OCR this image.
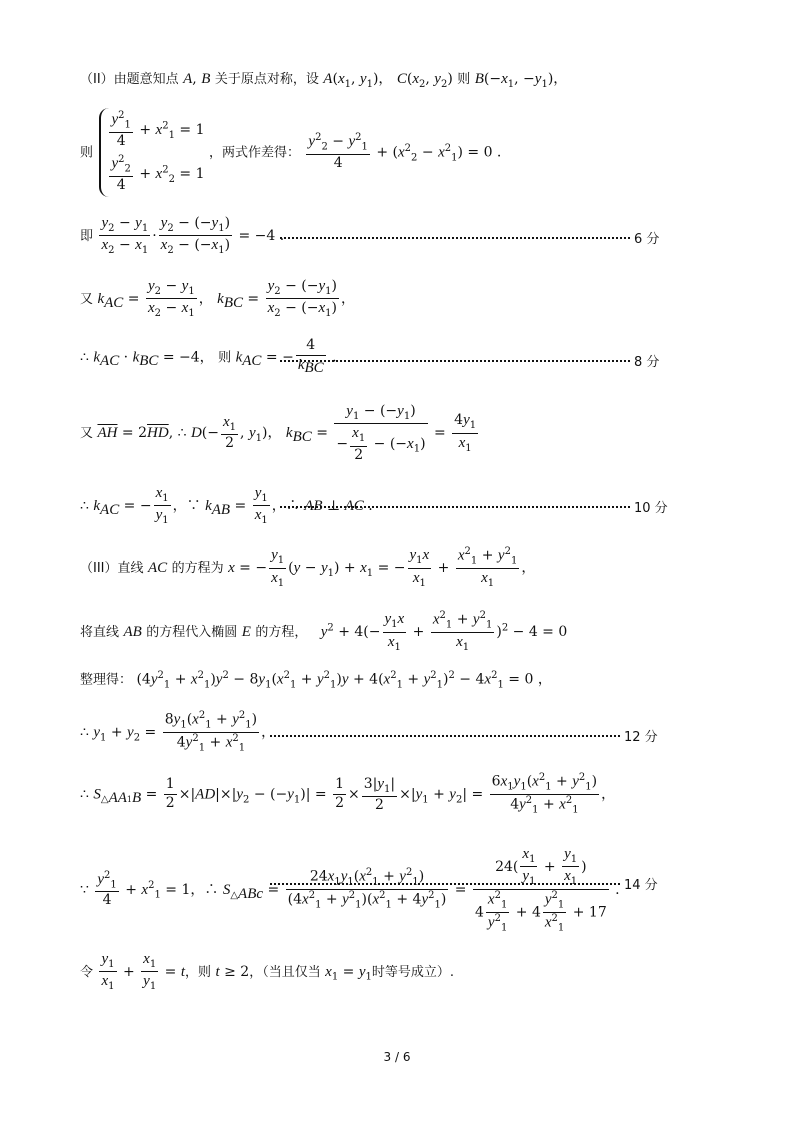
（II）由题意知点 A, B 关于原点对称，设 $A(x_1$, $y_1$)， $C(x_2$, $y_2$) 则 $B(-x_1$, $-y_1$)，
则
$\frac{y^2_1}{4} + x^2_1 = 1$
$\frac{y^2_2}{4} + x^2_2 = 1$
，两式作差得： $\frac{y^2_2 - y^2_1}{4} + (x^2_2 - x^2_1) = 0$ .
即 $\frac{y_2 - y_1}{x_2 - x_1} \cdot \frac{y_2 - (-y_1)}{x_2 - (-x_1)} = -4$ .	6 分
又 $k_{AC} = \frac{y_2 - y_1}{x_2 - x_1}$ ， $k_{BC} = \frac{y_2 - (-y_1)}{x_2 - (-x_1)}$ ，
∴ $k_{AC} \cdot k_{BC} = -4$， 则 $k_{AC}$ = − $\frac{4}{k_{BC}}$ .	8 分
又 $\overline{AH} = 2\overline{HD}$, ∴ $D(- \frac{x_1}{2}$ , $y_1$)， $k_{BC} = \frac{y_1 - (-y_1)}{- \frac{x_1}{2} - (-x_1)} = \frac{4y_1}{x_1}$
∴ $k_{AC}$ = − $\frac{x_1}{y_1}$ ，∵ $k_{AB} = \frac{y_1}{x_1}$ ，∴ AB ⊥ AC .	10 分
（III）直线 AC 的方程为 x = − $\frac{y_1}{x_1} (y - y_1) + x_1$ = − $\frac{y_1x}{x_1} + \frac{x^2_1 + y^2_1}{x_1}$ ，
将直线 AB 的方程代入椭圆 E 的方程， $y^2 + 4(- \frac{y_1x}{x_1} + \frac{x^2_1 + y^2_1}{x_1} )^2 - 4 = 0$
整理得： $(4y^2_1 + x^2_1)y^2 - 8y_1(x^2_1 + y^2_1)y + 4(x^2_1 + y^2_1)^2 - 4x^2_1 = 0$ ，
∴ $y_1 + y_2 = \frac{8y_1(x^2_1 + y^2_1)}{4y^2_1 + x^2_1}$ ，	12 分
∴ $S_{\triangle AA1B} = \frac{1}{2} \times|AD|\times|y_2 - (-y_1)| = \frac{1}{2} \times \frac{3|y_1|}{2} \times|y_1 + y_2| = \frac{6x_1y_1(x^2_1 + y^2_1)}{4y^2_1 + x^2_1}$ ，
∵ $\frac{y^2_1}{4} + x^2_1 = 1$，∴ $S_{\triangle ABc} = \frac{24x_1y_1(x^2_1 + y^2_1)}{(4x^2_1 + y^2_1)(x^2_1 + 4y^2_1)} = \frac{24( \frac{x_1}{y_1} + \frac{y_1}{x_1} )}{4 \frac{x^2_1}{y^2_1} + 4 \frac{y^2_1}{x^2_1} + 17}$ . 14 分
令 $\frac{y_1}{x_1} + \frac{x_1}{y_1} = t$，则 t ≥ 2，（当且仅当 $x_1 = y_1$时等号成立）.
3 / 6
